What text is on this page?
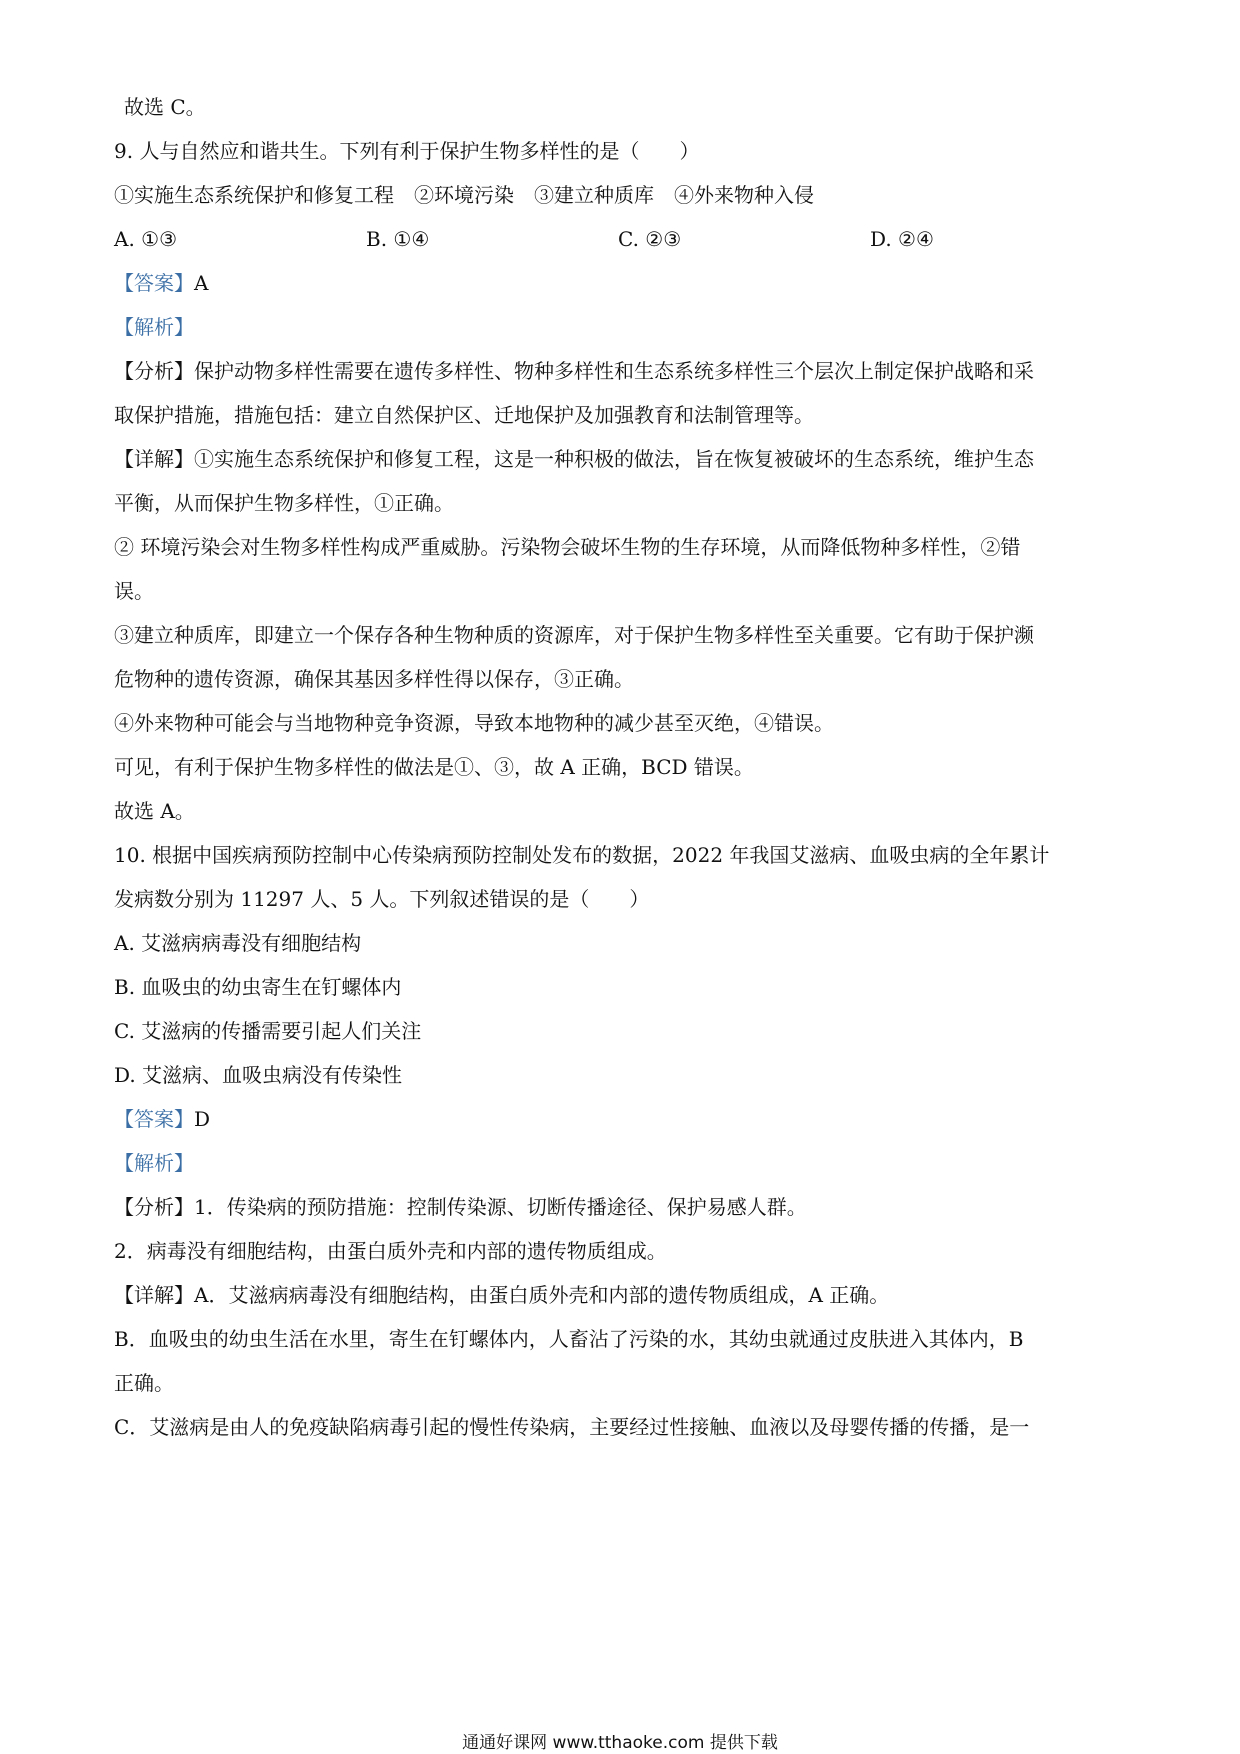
故选 C。
9. 人与自然应和谐共生。下列有利于保护生物多样性的是（　　）
①实施生态系统保护和修复工程　②环境污染　③建立种质库　④外来物种入侵
A. ①③	B. ①④	C. ②③	D. ②④
【答案】A
【解析】
【分析】保护动物多样性需要在遗传多样性、物种多样性和生态系统多样性三个层次上制定保护战略和采
取保护措施，措施包括：建立自然保护区、迁地保护及加强教育和法制管理等。
【详解】①实施生态系统保护和修复工程，这是一种积极的做法，旨在恢复被破坏的生态系统，维护生态
平衡，从而保护生物多样性，①正确。
② 环境污染会对生物多样性构成严重威胁。污染物会破坏生物的生存环境，从而降低物种多样性，②错
误。
③建立种质库，即建立一个保存各种生物种质的资源库，对于保护生物多样性至关重要。它有助于保护濒
危物种的遗传资源，确保其基因多样性得以保存，③正确。
④外来物种可能会与当地物种竞争资源，导致本地物种的减少甚至灭绝，④错误。
可见，有利于保护生物多样性的做法是①、③，故 A 正确，BCD 错误。
故选 A。
10. 根据中国疾病预防控制中心传染病预防控制处发布的数据，2022 年我国艾滋病、血吸虫病的全年累计
发病数分别为 11297 人、5 人。下列叙述错误的是（　　）
A. 艾滋病病毒没有细胞结构
B. 血吸虫的幼虫寄生在钉螺体内
C. 艾滋病的传播需要引起人们关注
D. 艾滋病、血吸虫病没有传染性
【答案】D
【解析】
【分析】1．传染病的预防措施：控制传染源、切断传播途径、保护易感人群。
2．病毒没有细胞结构，由蛋白质外壳和内部的遗传物质组成。
【详解】A．艾滋病病毒没有细胞结构，由蛋白质外壳和内部的遗传物质组成，A 正确。
B．血吸虫的幼虫生活在水里，寄生在钉螺体内，人畜沾了污染的水，其幼虫就通过皮肤进入其体内，B
正确。
C．艾滋病是由人的免疫缺陷病毒引起的慢性传染病，主要经过性接触、血液以及母婴传播的传播，是一
通通好课网 www.tthaoke.com 提供下载
